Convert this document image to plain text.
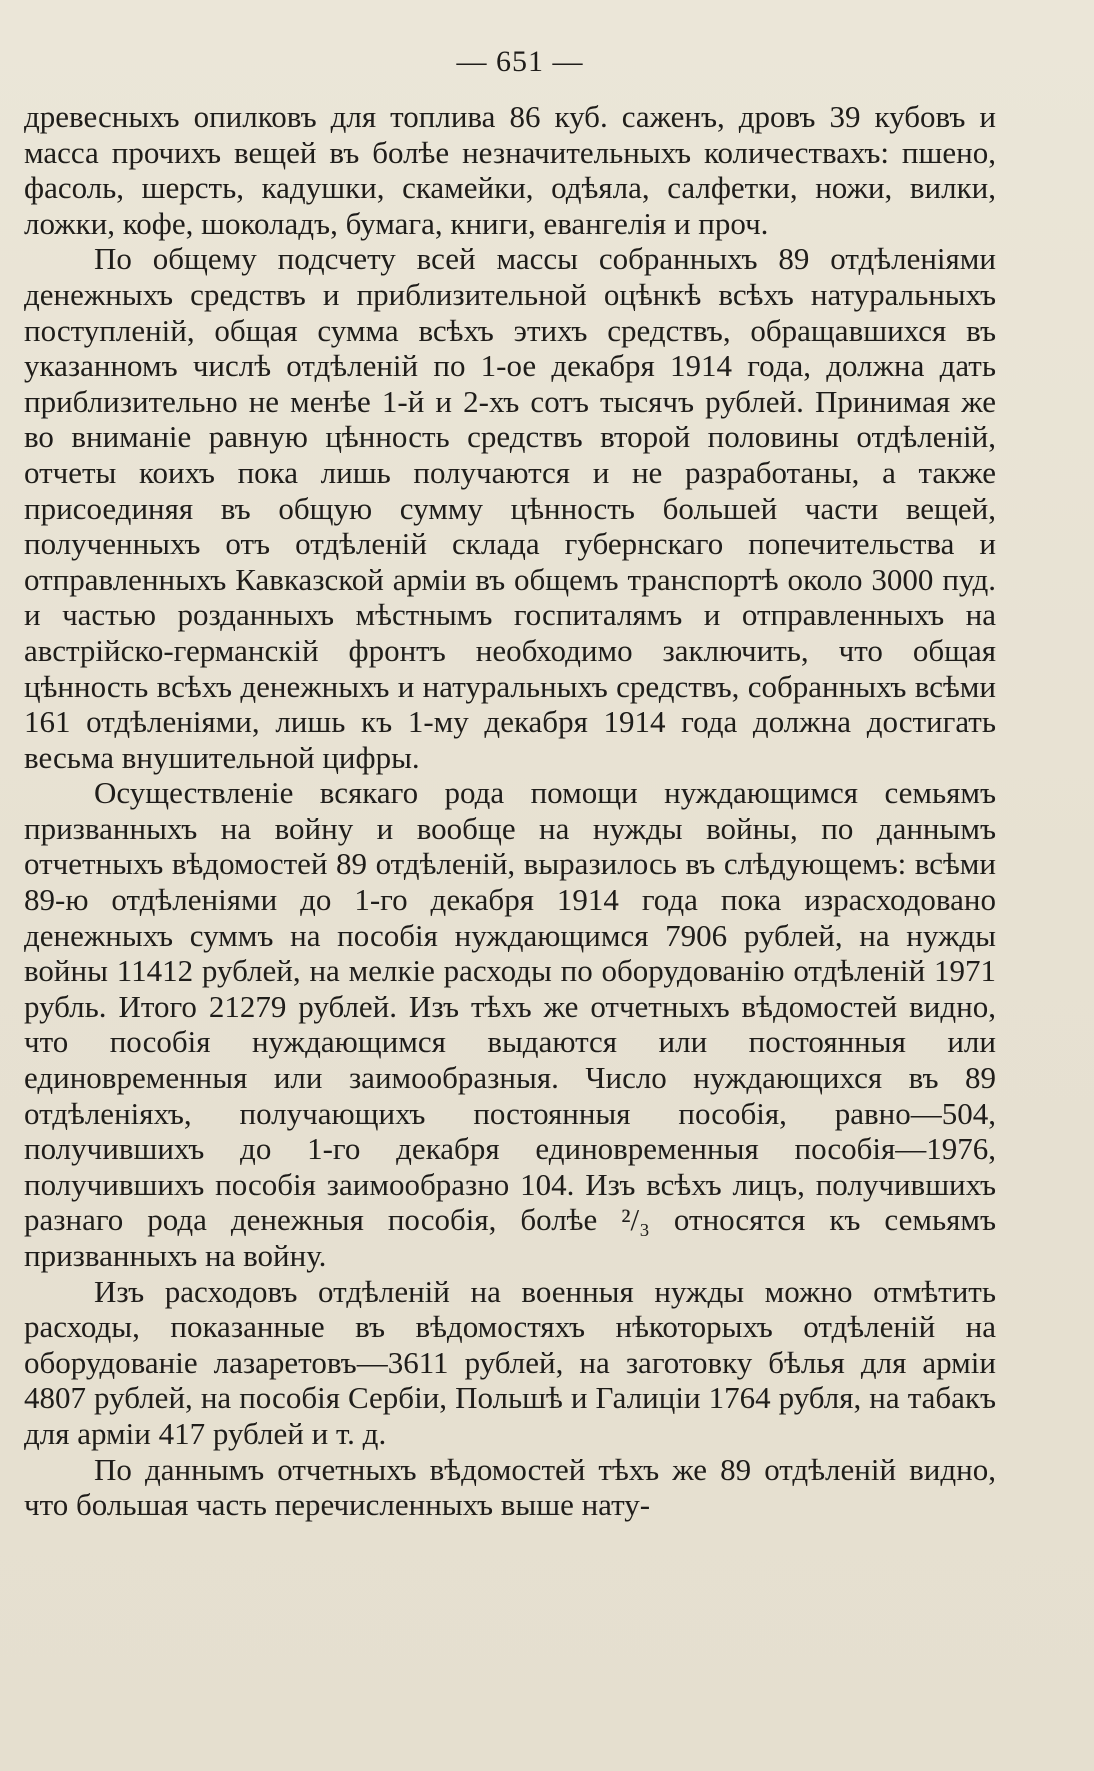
— 651 —

древесныхъ опилковъ для топлива 86 куб. саженъ, дровъ 39 кубовъ и масса прочихъ вещей въ болѣе незначительныхъ количествахъ: пшено, фасоль, шерсть, кадушки, скамейки, одѣяла, салфетки, ножи, вилки, ложки, кофе, шоколадъ, бумага, книги, евангелія и проч.

По общему подсчету всей массы собранныхъ 89 отдѣленіями денежныхъ средствъ и приблизительной оцѣнкѣ всѣхъ натуральныхъ поступленій, общая сумма всѣхъ этихъ средствъ, обращавшихся въ указанномъ числѣ отдѣленій по 1-ое декабря 1914 года, должна дать приблизительно не менѣе 1-й и 2-хъ сотъ тысячъ рублей. Принимая же во вниманіе равную цѣнность средствъ второй половины отдѣленій, отчеты коихъ пока лишь получаются и не разработаны, а также присоединяя въ общую сумму цѣнность большей части вещей, полученныхъ отъ отдѣленій склада губернскаго попечительства и отправленныхъ Кавказской арміи въ общемъ транспортѣ около 3000 пуд. и частью розданныхъ мѣстнымъ госпиталямъ и отправленныхъ на австрійско-германскій фронтъ необходимо заключить, что общая цѣнность всѣхъ денежныхъ и натуральныхъ средствъ, собранныхъ всѣми 161 отдѣленіями, лишь къ 1-му декабря 1914 года должна достигать весьма внушительной цифры.

Осуществленіе всякаго рода помощи нуждающимся семьямъ призванныхъ на войну и вообще на нужды войны, по даннымъ отчетныхъ вѣдомостей 89 отдѣленій, выразилось въ слѣдующемъ: всѣми 89-ю отдѣленіями до 1-го декабря 1914 года пока израсходовано денежныхъ суммъ на пособія нуждающимся 7906 рублей, на нужды войны 11412 рублей, на мелкіе расходы по оборудованію отдѣленій 1971 рубль. Итого 21279 рублей. Изъ тѣхъ же отчетныхъ вѣдомостей видно, что пособія нуждающимся выдаются или постоянныя или единовременныя или заимообразныя. Число нуждающихся въ 89 отдѣленіяхъ, получающихъ постоянныя пособія, равно—504, получившихъ до 1-го декабря единовременныя пособія—1976, получившихъ пособія заимообразно 104. Изъ всѣхъ лицъ, получившихъ разнаго рода денежныя пособія, болѣе ²/₃ относятся къ семьямъ призванныхъ на войну.

Изъ расходовъ отдѣленій на военныя нужды можно отмѣтить расходы, показанные въ вѣдомостяхъ нѣкоторыхъ отдѣленій на оборудованіе лазаретовъ—3611 рублей, на заготовку бѣлья для арміи 4807 рублей, на пособія Сербіи, Польшѣ и Галиціи 1764 рубля, на табакъ для арміи 417 рублей и т. д.

По даннымъ отчетныхъ вѣдомостей тѣхъ же 89 отдѣленій видно, что большая часть перечисленныхъ выше нату-
